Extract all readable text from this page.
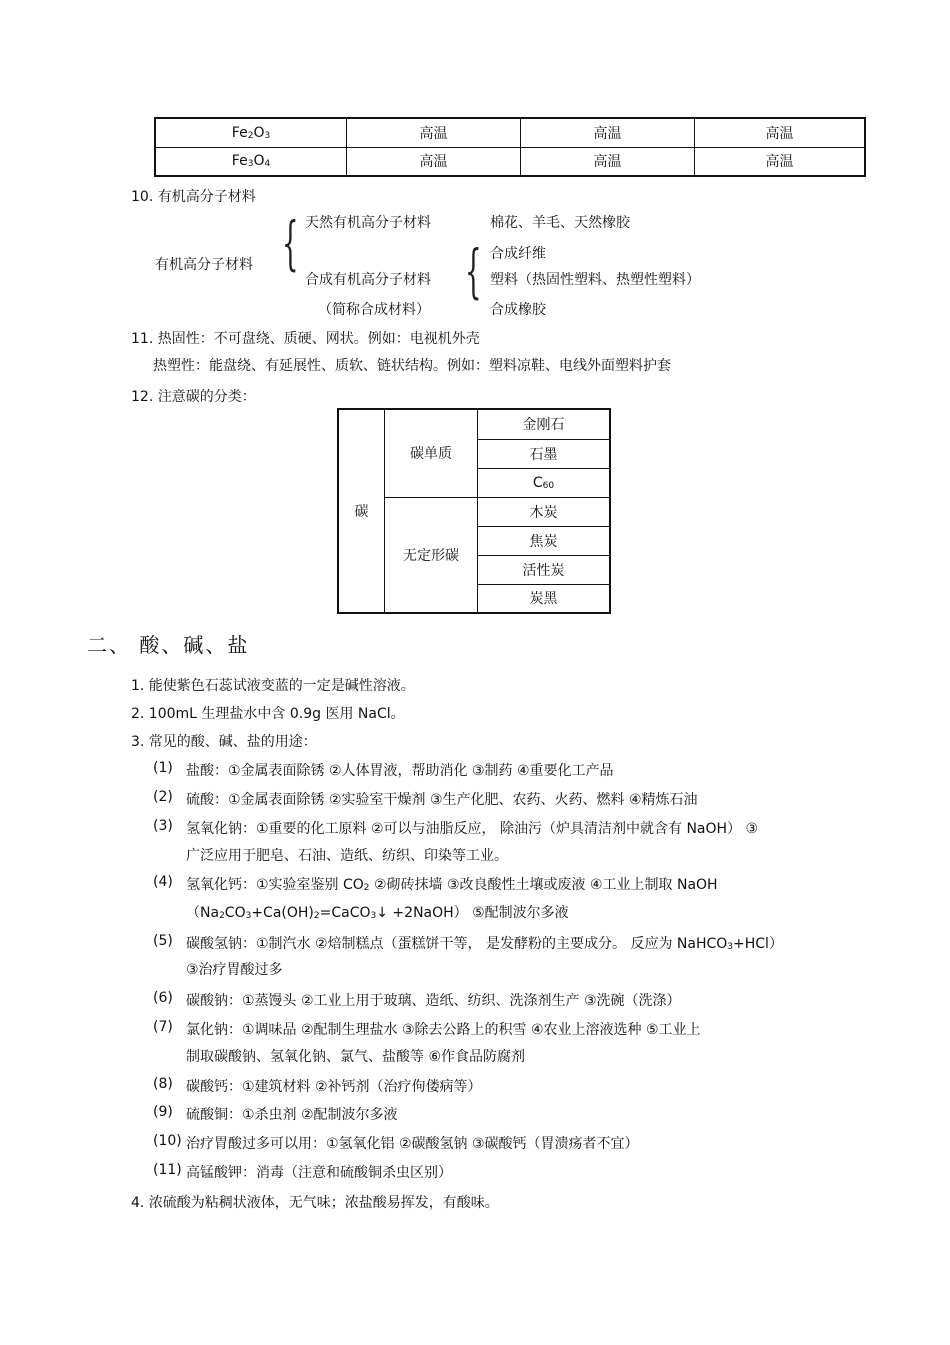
$Fe_2O_3$	高温	高温	高温
$Fe_3O_4$	高温	高温	高温
10. 有机高分子材料
有机高分子材料 { 天然有机高分子材料	棉花、羊毛、天然橡胶
合成有机高分子材料
（简称合成材料）
{ 合成纤维
塑料（热固性塑料、热塑性塑料）
合成橡胶
11. 热固性：不可盘绕、质硬、网状。例如：电视机外壳
热塑性：能盘绕、有延展性、质软、链状结构。例如：塑料凉鞋、电线外面塑料护套
12. 注意碳的分类：
碳	碳单质	金刚石
		石墨
		$C_{60}$
	无定形碳	木炭
		焦炭
		活性炭
		炭黑
二、 酸、碱、盐
1. 能使紫色石蕊试液变蓝的一定是碱性溶液。
2. 100mL 生理盐水中含 0.9g 医用 NaCl。
3. 常见的酸、碱、盐的用途：
(1) 盐酸：①金属表面除锈 ②人体胃液，帮助消化 ③制药 ④重要化工产品
(2) 硫酸：①金属表面除锈 ②实验室干燥剂 ③生产化肥、农药、火药、燃料 ④精炼石油
(3) 氢氧化钠：①重要的化工原料 ②可以与油脂反应， 除油污（炉具清洁剂中就含有 NaOH） ③
广泛应用于肥皂、石油、造纸、纺织、印染等工业。
(4) 氢氧化钙：①实验室鉴别 $CO_2$ ②砌砖抹墙 ③改良酸性土壤或废液 ④工业上制取 NaOH
（$Na_2CO_3+Ca(OH)_2=CaCO_3↓$ +2NaOH） ⑤配制波尔多液
(5) 碳酸氢钠：①制汽水 ②焙制糕点（蛋糕饼干等， 是发酵粉的主要成分。 反应为 NaHCO$_3$+HCl）
③治疗胃酸过多
(6) 碳酸钠：①蒸馒头 ②工业上用于玻璃、造纸、纺织、洗涤剂生产 ③洗碗（洗涤）
(7) 氯化钠：①调味品 ②配制生理盐水 ③除去公路上的积雪 ④农业上溶液选种 ⑤工业上
制取碳酸钠、氢氧化钠、氯气、盐酸等 ⑥作食品防腐剂
(8) 碳酸钙：①建筑材料 ②补钙剂（治疗佝偻病等）
(9) 硫酸铜：①杀虫剂 ②配制波尔多液
(10) 治疗胃酸过多可以用：①氢氧化铝 ②碳酸氢钠 ③碳酸钙（胃溃疡者不宜）
(11) 高锰酸钾：消毒（注意和硫酸铜杀虫区别）
4. 浓硫酸为粘稠状液体，无气味；浓盐酸易挥发，有酸味。
